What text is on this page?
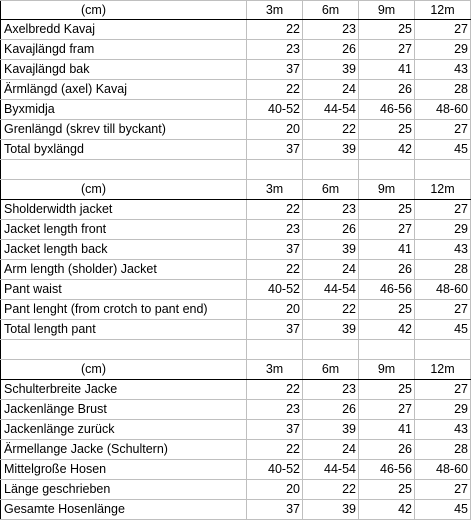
(cm)	3m	6m	9m	12m
Axelbredd Kavaj	22	23	25	27
Kavajlängd fram	23	26	27	29
Kavajlängd bak	37	39	41	43
Ärmlängd (axel) Kavaj	22	24	26	28
Byxmidja	40-52	44-54	46-56	48-60
Grenlängd (skrev till byckant)	20	22	25	27
Total byxlängd	37	39	42	45
(cm)	3m	6m	9m	12m
Sholderwidth jacket	22	23	25	27
Jacket length front	23	26	27	29
Jacket length back	37	39	41	43
Arm length (sholder) Jacket	22	24	26	28
Pant waist	40-52	44-54	46-56	48-60
Pant lenght (from crotch to pant end)	20	22	25	27
Total length pant	37	39	42	45
(cm)	3m	6m	9m	12m
Schulterbreite Jacke	22	23	25	27
Jackenlänge Brust	23	26	27	29
Jackenlänge zurück	37	39	41	43
Ärmellange Jacke (Schultern)	22	24	26	28
Mittelgroße Hosen	40-52	44-54	46-56	48-60
Länge geschrieben	20	22	25	27
Gesamte Hosenlänge	37	39	42	45
